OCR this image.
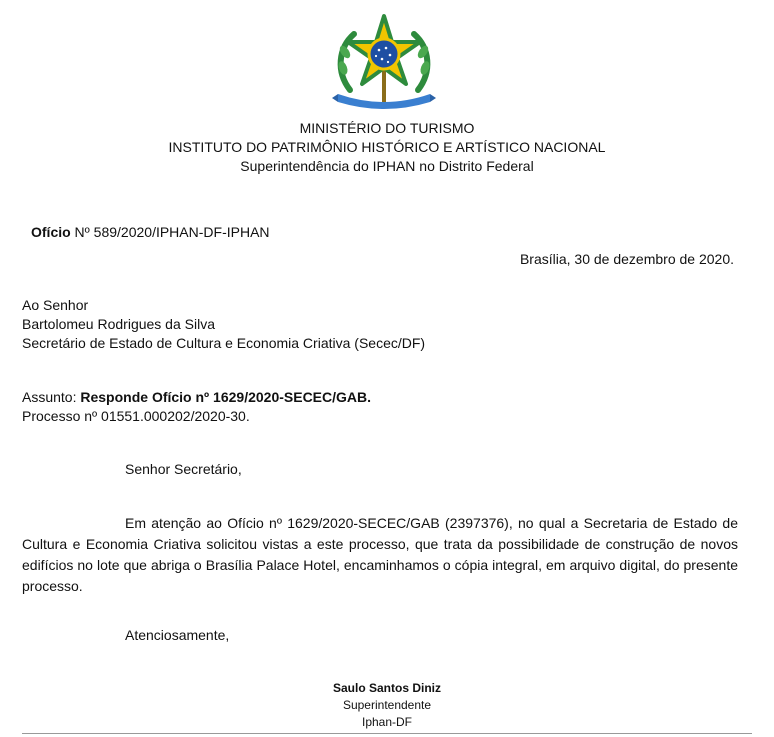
MINISTÉRIO DO TURISMO
INSTITUTO DO PATRIMÔNIO HISTÓRICO E ARTÍSTICO NACIONAL
Superintendência do IPHAN no Distrito Federal
Ofício Nº 589/2020/IPHAN-DF-IPHAN
Brasília, 30 de dezembro de 2020.
Ao Senhor
Bartolomeu Rodrigues da Silva
Secretário de Estado de Cultura e Economia Criativa (Secec/DF)
Assunto: Responde Ofício nº 1629/2020-SECEC/GAB.
Processo nº 01551.000202/2020-30.
Senhor Secretário,
Em atenção ao Ofício nº 1629/2020-SECEC/GAB (2397376), no qual a Secretaria de Estado de Cultura e Economia Criativa solicitou vistas a este processo, que trata da possibilidade de construção de novos edifícios no lote que abriga o Brasília Palace Hotel, encaminhamos o cópia integral, em arquivo digital, do presente processo.
Atenciosamente,
Saulo Santos Diniz
Superintendente
Iphan-DF
